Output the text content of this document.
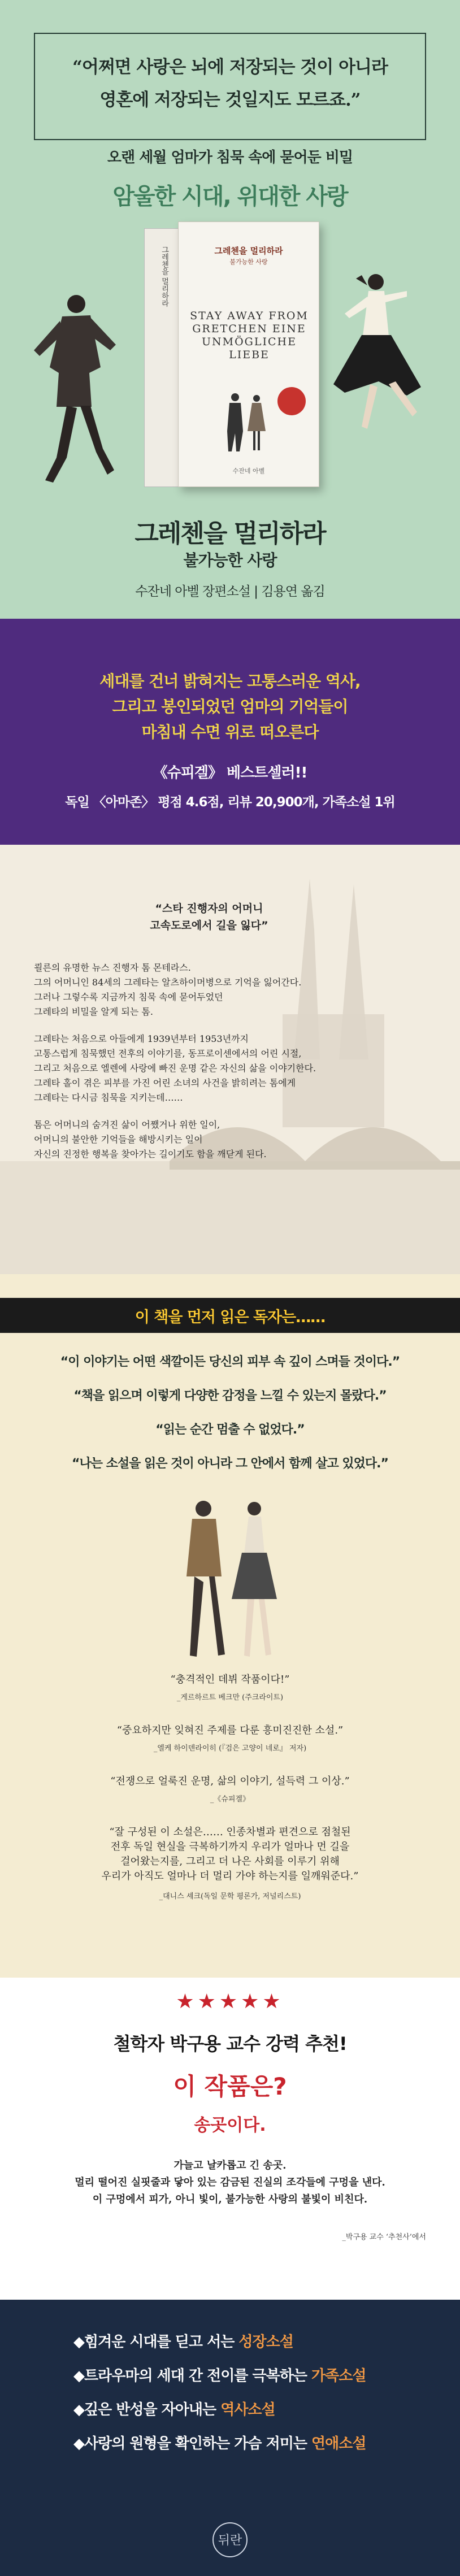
“어쩌면 사랑은 뇌에 저장되는 것이 아니라

영혼에 저장되는 것일지도 모르죠.”

오랜 세월 엄마가 침묵 속에 묻어둔 비밀
암울한 시대, 위대한 사랑
그레첸을 멀리하라	그레첸을 멀리하라
불가능한 사랑
STAY AWAY FROM GRETCHEN EINE UNMÖGLICHE LIEBE
수잔네 아벨
그레첸을 멀리하라
불가능한 사랑
수잔네 아벨 장편소설 | 김용연 옮김
세대를 건너 밝혀지는 고통스러운 역사,
그리고 봉인되었던 엄마의 기억들이
마침내 수면 위로 떠오른다
《슈피겔》 베스트셀러!!
독일 〈아마존〉 평점 4.6점, 리뷰 20,900개, 가족소설 1위
“스타 진행자의 어머니
고속도로에서 길을 잃다”

쾰른의 유명한 뉴스 진행자 톰 몬테라스.
그의 어머니인 84세의 그레타는 알츠하이머병으로 기억을 잃어간다.
그러나 그렇수록 지금까지 침묵 속에 묻어두었던
그레타의 비밀을 알게 되는 톰.

그레타는 처음으로 아들에게 1939년부터 1953년까지
고통스럽게 침묵했던 전후의 이야기를, 동프로이센에서의 어린 시절,
그리고 처음으로 엘렌에 사랑에 빠진 운명 같은 자신의 삶을 이야기한다.
그레타 홀이 겪은 피부를 가진 어린 소녀의 사건을 밝히려는 톰에게
그레타는 다시금 침묵을 지키는데……

톰은 어머니의 숨겨진 삶이 어쨌거나 위한 일이,
어머니의 불안한 기억들을 해방시키는 일이
자신의 진정한 행복을 찾아가는 길이기도 함을 깨닫게 된다.

이 책을 먼저 읽은 독자는……
“이 이야기는 어떤 색깔이든 당신의 피부 속 깊이 스며들 것이다.”
“책을 읽으며 이렇게 다양한 감정을 느낄 수 있는지 몰랐다.”
“읽는 순간 멈출 수 없었다.”
“나는 소설을 읽은 것이 아니라 그 안에서 함께 살고 있었다.”
“충격적인 데뷔 작품이다!”
_게르하르트 베크만 (주크라이트)
“중요하지만 잊혀진 주제를 다룬 흥미진진한 소설.”
_엘케 하이덴라이히 (『검은 고양이 네로』 저자)
“전쟁으로 얼룩진 운명, 삶의 이야기, 설득력 그 이상.”
_《슈피겔》
“잘 구성된 이 소설은…… 인종차별과 편견으로 점철된
전후 독일 현실을 극복하기까지 우리가 얼마나 먼 길을
걸어왔는지를, 그리고 더 나은 사회를 이루기 위해
우리가 아직도 얼마나 더 멀리 가야 하는지를 일깨워준다.”
_대니스 셰크(독일 문학 평론가, 저널리스트)
★★★★★
철학자 박구용 교수 강력 추천!
이 작품은?
송곳이다.
가늘고 날카롭고 긴 송곳.
멀리 떨어진 실핏줄과 닿아 있는 감금된 진실의 조각들에 구멍을 낸다.
이 구멍에서 피가, 아니 빛이, 불가능한 사랑의 불빛이 비친다.
_박구용 교수 ‘추천사’에서
◆힘겨운 시대를 딛고 서는 성장소설
◆트라우마의 세대 간 전이를 극복하는 가족소설
◆깊은 반성을 자아내는 역사소설
◆사랑의 원형을 확인하는 가슴 저미는 연애소설
뒤란
